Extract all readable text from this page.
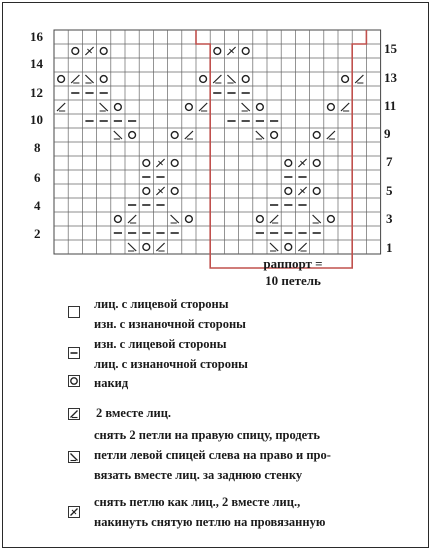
16
14
12
10
8
6
4
2
15
13
11
9
7
5
3
1
раппорт =
10 петель
лиц. с лицевой стороны
изн. с изнаночной стороны
изн. с лицевой стороны
лиц. с изнаночной стороны
накид
2 вместе лиц.
снять 2 петли на правую спицу, продеть
петли левой спицей слева на право и про-
вязать вместе лиц. за заднюю стенку
снять петлю как лиц., 2 вместе лиц.,
накинуть снятую петлю на провязанную
